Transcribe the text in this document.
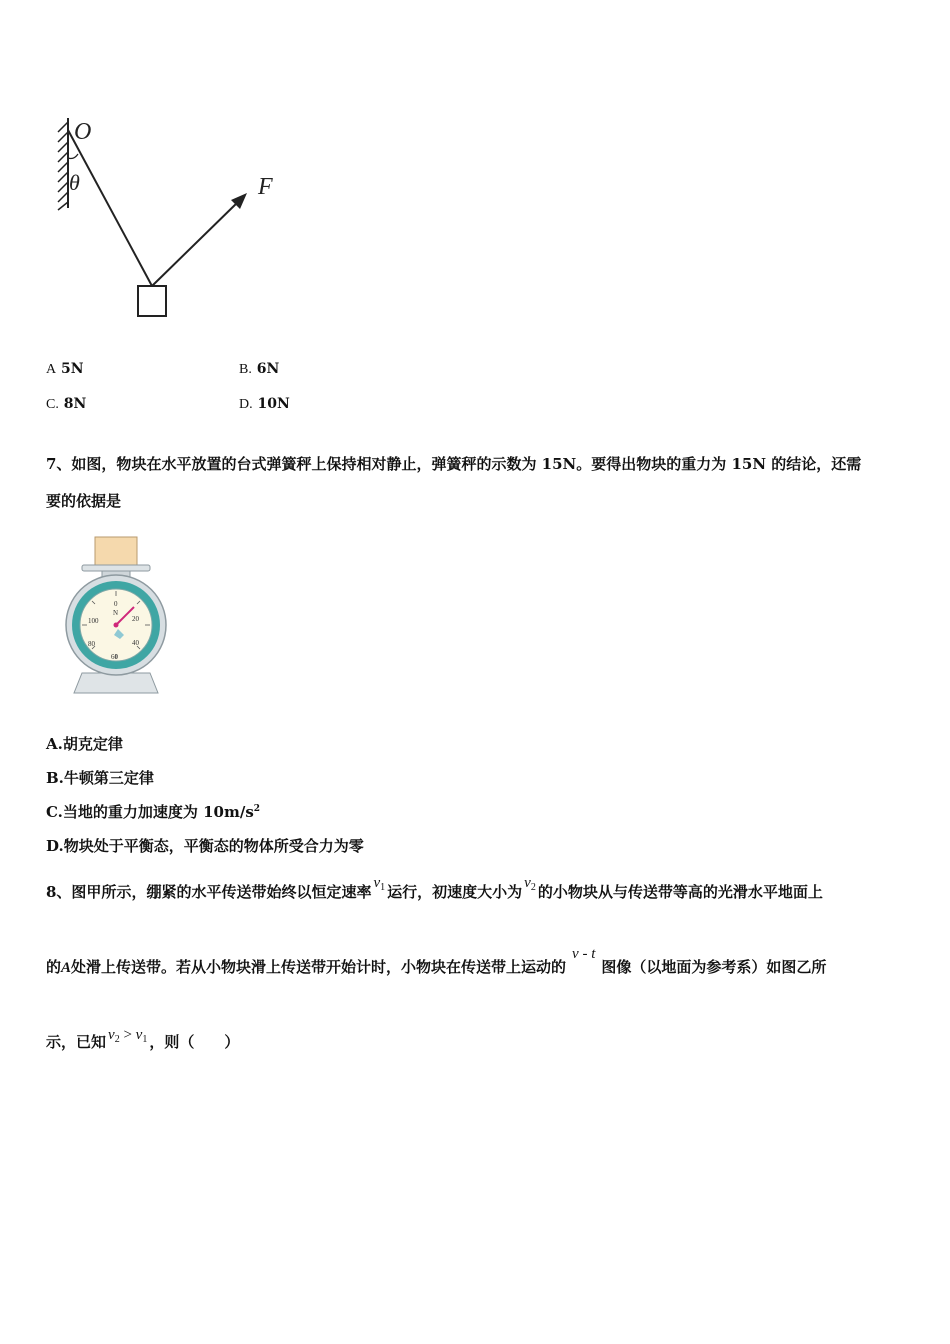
O
θ	F
A 5N	B. 6N
C. 8N	D. 10N
7、如图，物块在水平放置的台式弹簧秤上保持相对静止，弹簧秤的示数为 15N。要得出物块的重力为 15N 的结论，还需
要的依据是
0
N
20
40
60
80
100
A.胡克定律
B.牛顿第三定律
C.当地的重力加速度为 $10m/s^2$
D.物块处于平衡态，平衡态的物体所受合力为零
8、图甲所示，绷紧的水平传送带始终以恒定速率 $v_1$ 运行，初速度大小为 $v_2$ 的小物块从与传送带等高的光滑水平地面上
的A处滑上传送带。若从小物块滑上传送带开始计时，小物块在传送带上运动的v - t图像（以地面为参考系）如图乙所
示，已知 $v_2 > v_1$ ，则（　　）
